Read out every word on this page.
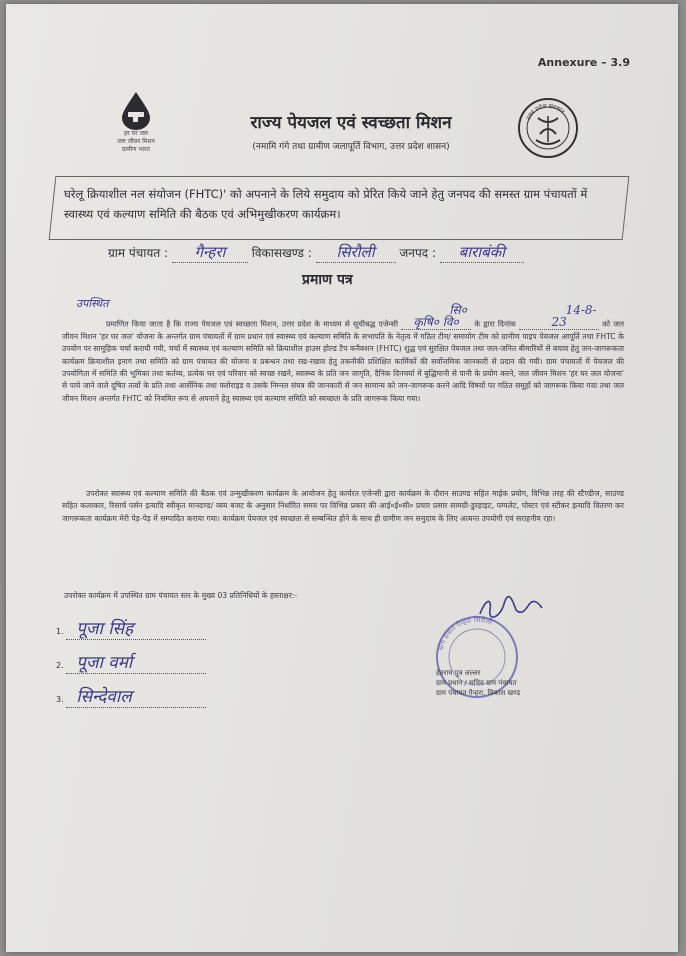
Annexure – 3.9
हर घर जल
जल जीवन मिशन
ग्रामीण भारत
राज्य पेयजल एवं स्वच्छता मिशन
(नमामि गंगे तथा ग्रामीण जलापूर्ति विभाग, उत्तर प्रदेश शासन)
उत्तर प्रदेश सरकार
घरेलू क्रियाशील नल संयोजन (FHTC)' को अपनाने के लिये समुदाय को प्रेरित किये जाने हेतु जनपद की समस्त ग्राम पंचायतों में स्वास्थ्य एवं कल्याण समिति की बैठक एवं अभिमुखीकरण कार्यक्रम।
ग्राम पंचायत : गैन्हरा विकासखण्ड : सिरौली जनपद : बाराबंकी
प्रमाण पत्र
उपस्थित
प्रमाणित किया जाता है कि राज्य पेयजल एवं स्वच्छता मिशन, उत्तर प्रदेश के माध्यम से सूचीबद्ध एजेन्सी सि० कृषि० वि० के द्वारा दिनांक 14-8-23	को जल जीवन मिशन 'हर घर जल' योजना के अन्तर्गत ग्राम पंचायतों में ग्राम प्रधान एवं स्वास्थ्य एवं कल्याण समिति के सभापति के नेतृत्व में गठित टीम/ समायोग टीम को ग्रामीण पाइप पेयजल आपूर्ति तथा FHTC के उपयोग पर सामूहिक चर्चा करायी गयी, चर्चा में स्वास्थ्य एवं कल्याण समिति को क्रियाशील हाउस होल्ड टैप कनैक्शन (FHTC) शुद्ध एवं सुरक्षित पेयजल तथा जल-जनित बीमारियों से बचाव हेतु जन-जागरूकता कार्यक्रम क्रियाशील इनाग तथा समिति को ग्राम पंचायत की योजना व प्रबन्धन तथा रख-रखाव हेतु तकनीकी प्रशिक्षित कार्मिकों की सर्वोत्तमिक जानकारी से प्रदान की गयी। ग्राम पंचायतों में पेयजल की उपयोगिता में समिति की भूमिका तथा कर्तव्य, प्रत्येक घर एवं परिवार को स्वच्छ रखने, स्वास्थ्य के प्रति जन जागृति, दैनिक दिनचर्या में बुद्धिमानी से पानी के प्रयोग करने, जल जीवन मिशन 'हर घर जल योजना' से पाये जाने वाले दूषित तत्वों के प्रति तथा आर्सेनिक तथा फ्लोराइड व उसके निम्नल संयत्र की जानकारी से जन सामान्य को जन-जागरूक करने आदि विषयों पर गठित समूहों को जागरूक किया गया तथा जल जीवन मिशन अन्तर्गत FHTC को नियमित रूप से अपनाने हेतु स्वास्थ्य एवं कल्याण समिति को स्वच्छता के प्रति जागरूक किया गया।
उपरोक्त स्वास्थ्य एवं कल्याण समिति की बैठक एवं उन्मुखीकरण कार्यक्रम के आयोजन हेतु कार्यरत एजेन्सी द्वारा कार्यक्रम के दौरान साउण्ड सहित माईक प्रयोग, विभिन्न तरह की स्टैण्डीज, साउण्ड सहित कलाकार, रिसार्च पर्सन इत्यादि स्वीकृत मानदण्ड/ व्यय बजट के अनुसार निर्धारित समय पर विभिन्न प्रकार की आई०ई०सी० प्रचार प्रसार सामग्री-डुरहाइट, पम्पलेट, पोस्टर एवं स्टीकर इत्यादि वितरण कर जागरूकता कार्यक्रम मेरी पेड़-पेड़ में सम्पादित कराया गया। कार्यक्रम पेयजल एवं स्वच्छता से सम्बन्धित होने के साथ ही ग्रामीण जन समुदाय के लिए अत्यन्त उपयोगी एवं सराहनीय रहा।
उपरोक्त कार्यक्रम में उपस्थित ग्राम पंचायत स्तर के मुख्य 03 प्रतिनिधियों के हस्ताक्षर:-
1. पूजा सिंह
2. पूजा वर्मा
3. सिन्देवाल
ग्राम प्रधान गैन्हरा सिरौली
हेतराम पुत्र लल्लर
ग्राम प्रधान / सचिव ग्राम पंचायत
ग्राम पंचायत गैन्हरा, विकास खण्ड
